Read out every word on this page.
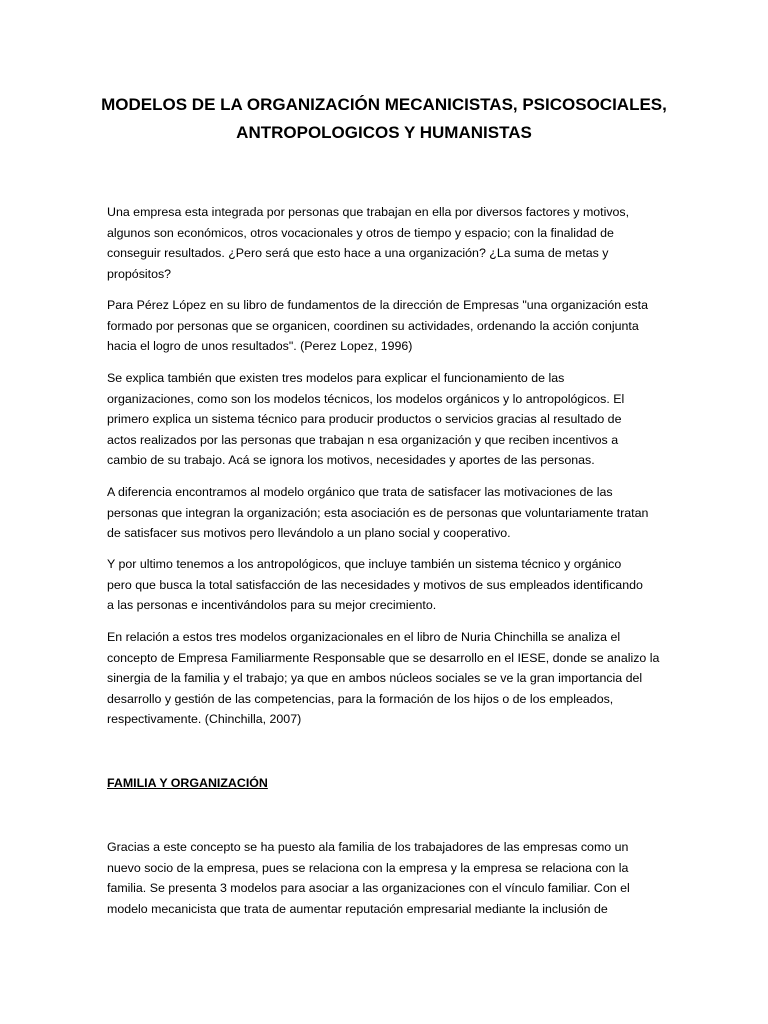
MODELOS DE LA ORGANIZACIÓN MECANICISTAS, PSICOSOCIALES,
ANTROPOLOGICOS Y HUMANISTAS

Una empresa esta integrada por personas que trabajan en ella por diversos factores y motivos,
algunos son económicos, otros vocacionales y otros de tiempo y espacio; con la finalidad de
conseguir resultados. ¿Pero será que esto hace a una organización? ¿La suma de metas y
propósitos?

Para Pérez López en su libro de fundamentos de la dirección de Empresas "una organización esta
formado por personas que se organicen, coordinen su actividades, ordenando la acción conjunta
hacia el logro de unos resultados". (Perez Lopez, 1996)

Se explica también que existen tres modelos para explicar el funcionamiento de las
organizaciones, como son los modelos técnicos, los modelos orgánicos y lo antropológicos. El
primero explica un sistema técnico para producir productos o servicios gracias al resultado de
actos realizados por las personas que trabajan n esa organización y que reciben incentivos a
cambio de su trabajo. Acá se ignora los motivos, necesidades y aportes de las personas.

A diferencia encontramos al modelo orgánico que trata de satisfacer las motivaciones de las
personas que integran la organización; esta asociación es de personas que voluntariamente tratan
de satisfacer sus motivos pero llevándolo a un plano social y cooperativo.

Y por ultimo tenemos a los antropológicos, que incluye también un sistema técnico y orgánico
pero que busca la total satisfacción de las necesidades y motivos de sus empleados identificando
a las personas e incentivándolos para su mejor crecimiento.

En relación a estos tres modelos organizacionales en el libro de Nuria Chinchilla se analiza el
concepto de Empresa Familiarmente Responsable que se desarrollo en el IESE, donde se analizo la
sinergia de la familia y el trabajo; ya que en ambos núcleos sociales se ve la gran importancia del
desarrollo y gestión de las competencias, para la formación de los hijos o de los empleados,
respectivamente. (Chinchilla, 2007)

FAMILIA Y ORGANIZACIÓN

Gracias a este concepto se ha puesto ala familia de los trabajadores de las empresas como un
nuevo socio de la empresa, pues se relaciona con la empresa y la empresa se relaciona con la
familia. Se presenta 3 modelos para asociar a las organizaciones con el vínculo familiar. Con el
modelo mecanicista que trata de aumentar reputación empresarial mediante la inclusión de
